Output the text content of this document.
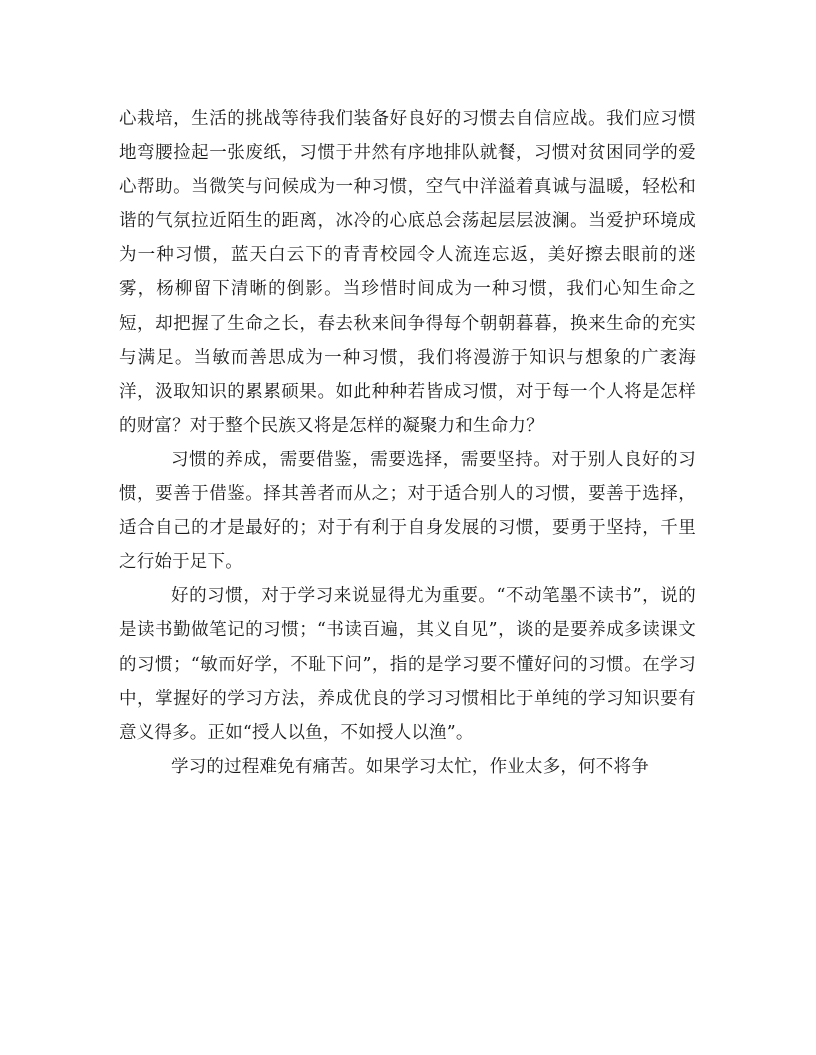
心栽培，生活的挑战等待我们装备好良好的习惯去自信应战。我们应习惯地弯腰捡起一张废纸，习惯于井然有序地排队就餐，习惯对贫困同学的爱心帮助。当微笑与问候成为一种习惯，空气中洋溢着真诚与温暖，轻松和谐的气氛拉近陌生的距离，冰冷的心底总会荡起层层波澜。当爱护环境成为一种习惯，蓝天白云下的青青校园令人流连忘返，美好擦去眼前的迷雾，杨柳留下清晰的倒影。当珍惜时间成为一种习惯，我们心知生命之短，却把握了生命之长，春去秋来间争得每个朝朝暮暮，换来生命的充实与满足。当敏而善思成为一种习惯，我们将漫游于知识与想象的广袤海洋，汲取知识的累累硕果。如此种种若皆成习惯，对于每一个人将是怎样的财富？对于整个民族又将是怎样的凝聚力和生命力？

习惯的养成，需要借鉴，需要选择，需要坚持。对于别人良好的习惯，要善于借鉴。择其善者而从之；对于适合别人的习惯，要善于选择，适合自己的才是最好的；对于有利于自身发展的习惯，要勇于坚持，千里之行始于足下。

好的习惯，对于学习来说显得尤为重要。“不动笔墨不读书”，说的是读书勤做笔记的习惯；“书读百遍，其义自见”，谈的是要养成多读课文的习惯；“敏而好学，不耻下问”，指的是学习要不懂好问的习惯。在学习中，掌握好的学习方法，养成优良的学习习惯相比于单纯的学习知识要有意义得多。正如“授人以鱼，不如授人以渔”。

学习的过程难免有痛苦。如果学习太忙，作业太多，何不将争
